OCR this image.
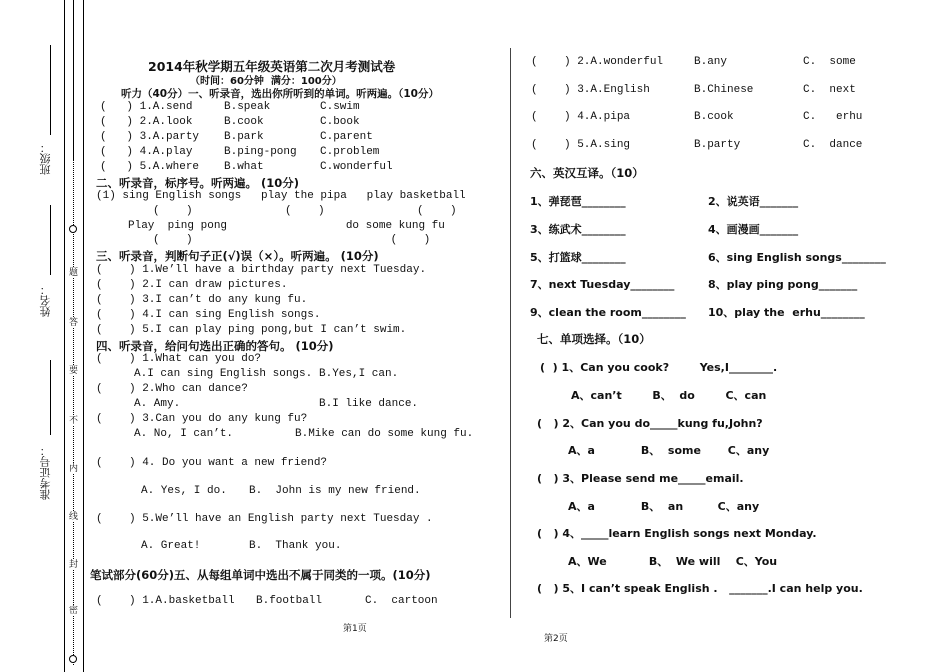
题
答
要
不
内
线
封
密
班级：
姓名：
准考证号：
2014年秋学期五年级英语第二次月考测试卷
（时间：60分钟  满分：100分）
听力（40分）一、听录音，选出你所听到的单词。听两遍。（10分）
(   ) 1.A.send	B.speak	C.swim
(   ) 2.A.look	B.cook	C.book
(   ) 3.A.party B.park	C.parent
(   ) 4.A.play	B.ping-pong C.problem
(   ) 5.A.where B.what	C.wonderful
二、听录音，标序号。听两遍。 (10分)
(1) sing English songs   play the pipa   play basketball
(    )              (    )              (    )
Play  ping pong                  do some kung fu
(    )                              (    )
三、听录音，判断句子正(√)误（×）。听两遍。 (10分)
(    ) 1.We’ll have a birthday party next Tuesday.
(    ) 2.I can draw pictures.
(    ) 3.I can’t do any kung fu.
(    ) 4.I can sing English songs.
(    ) 5.I can play ping pong,but I can’t swim.
四、听录音，给问句选出正确的答句。 (10分)
(    ) 1.What can you do?
A.I can sing English songs. B.Yes,I can.
(    ) 2.Who can dance?
A. Amy.	B.I like dance.
(    ) 3.Can you do any kung fu?
A. No, I can’t.	B.Mike can do some kung fu.
(    ) 4. Do you want a new friend?
A. Yes, I do. B.  John is my new friend.
(    ) 5.We’ll have an English party next Tuesday .
A. Great!	B.  Thank you.
笔试部分(60分)五、从每组单词中选出不属于同类的一项。(10分)
(    ) 1.A.basketball B.football	C.  cartoon
第1页
(    ) 2.A.wonderful	B.any	C.  some
(    ) 3.A.English	B.Chinese	C.  next
(    ) 4.A.pipa	B.cook	C.   erhu
(    ) 5.A.sing	B.party	C.  dance
六、英汉互译。（10）
1、弹琵琶________	2、说英语_______
3、练武术________	4、画漫画_______
5、打篮球________	6、sing English songs________
7、next Tuesday________	8、play ping pong_______
9、clean the room________ 10、play the  erhu________
七、单项选择。（10）
(  ) 1、Can you cook?        Yes,I________.
A、can’t        B、  do        C、can
(   ) 2、Can you do_____kung fu,John?
A、a            B、  some       C、any
(   ) 3、Please send me_____email.
A、a            B、  an         C、any
(   ) 4、_____learn English songs next Monday.
A、We           B、  We will    C、You
(   ) 5、I can’t speak English .   _______.I can help you.
第2页
